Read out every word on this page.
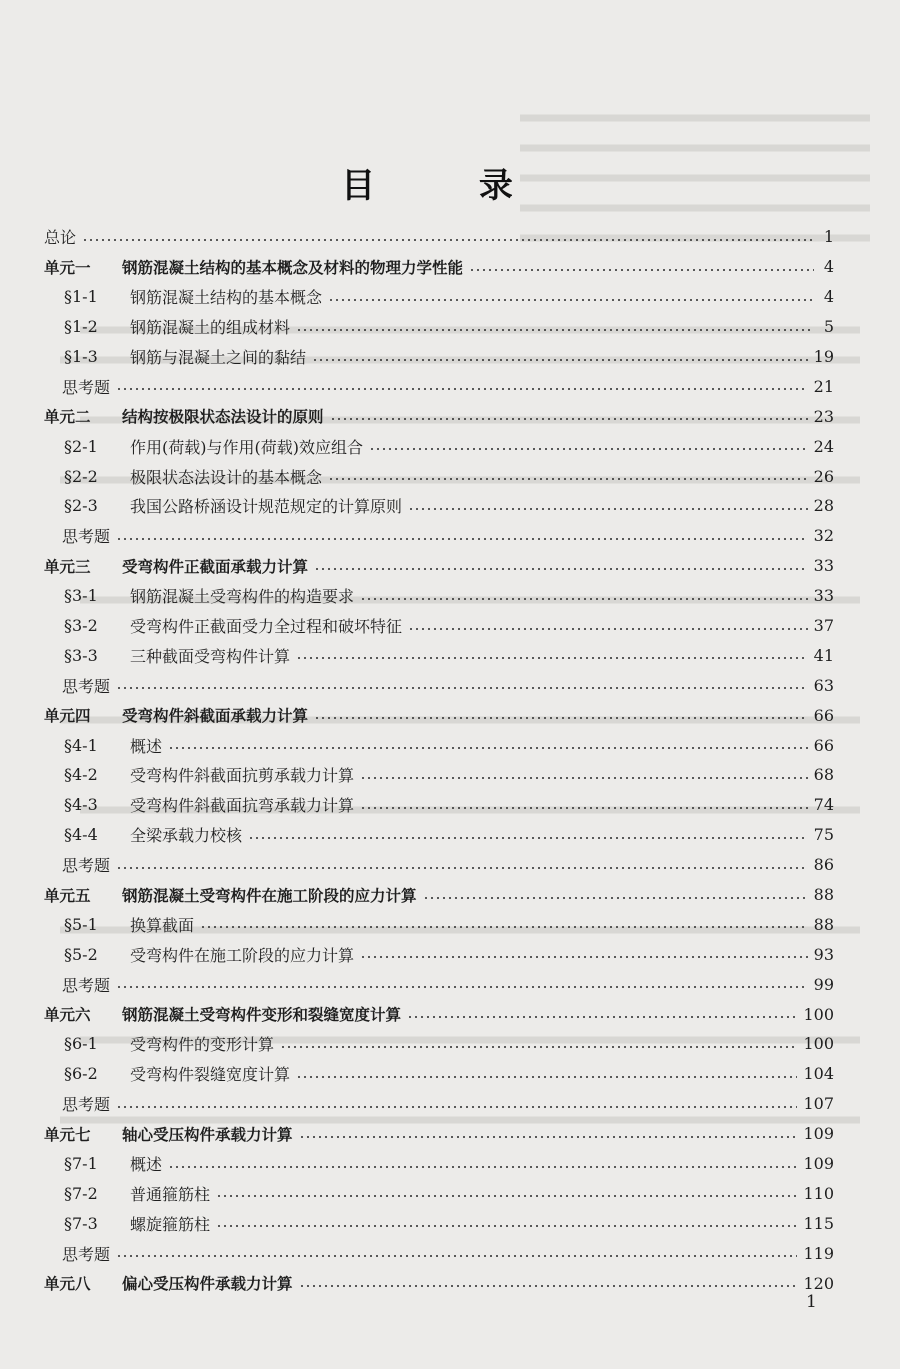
目 录
总论	1
单元一	钢筋混凝土结构的基本概念及材料的物理力学性能	4
§1-1	钢筋混凝土结构的基本概念	4
§1-2	钢筋混凝土的组成材料	5
§1-3	钢筋与混凝土之间的黏结	19
思考题	21
单元二	结构按极限状态法设计的原则	23
§2-1	作用(荷载)与作用(荷载)效应组合	24
§2-2	极限状态法设计的基本概念	26
§2-3	我国公路桥涵设计规范规定的计算原则	28
思考题	32
单元三	受弯构件正截面承载力计算	33
§3-1	钢筋混凝土受弯构件的构造要求	33
§3-2	受弯构件正截面受力全过程和破坏特征	37
§3-3	三种截面受弯构件计算	41
思考题	63
单元四	受弯构件斜截面承载力计算	66
§4-1	概述	66
§4-2	受弯构件斜截面抗剪承载力计算	68
§4-3	受弯构件斜截面抗弯承载力计算	74
§4-4	全梁承载力校核	75
思考题	86
单元五	钢筋混凝土受弯构件在施工阶段的应力计算	88
§5-1	换算截面	88
§5-2	受弯构件在施工阶段的应力计算	93
思考题	99
单元六	钢筋混凝土受弯构件变形和裂缝宽度计算	100
§6-1	受弯构件的变形计算	100
§6-2	受弯构件裂缝宽度计算	104
思考题	107
单元七	轴心受压构件承载力计算	109
§7-1	概述	109
§7-2	普通箍筋柱	110
§7-3	螺旋箍筋柱	115
思考题	119
单元八	偏心受压构件承载力计算	120
1
